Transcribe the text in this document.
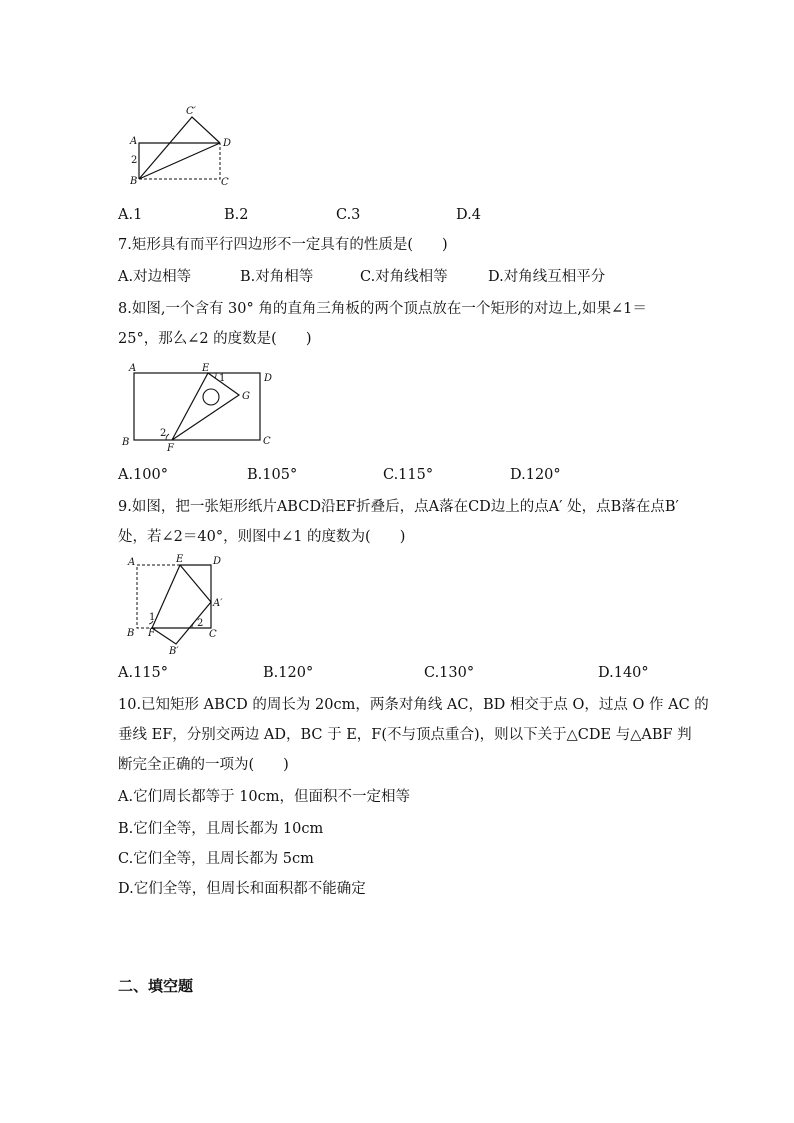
C′
A
2
B
D
C
A.1	B.2	C.3	D.4
7.矩形具有而平行四边形不一定具有的性质是(　　)
A.对边相等	B.对角相等	C.对角线相等	D.对角线互相平分
8.如图,一个含有 30° 角的直角三角板的两个顶点放在一个矩形的对边上,如果∠1＝
25°，那么∠2 的度数是(　　)
A	E
1	D
G
2
B	C
F
A.100°	B.105°	C.115°	D.120°
9.如图，把一张矩形纸片ABCD沿EF折叠后，点A落在CD边上的点A′ 处，点B落在点B′
处，若∠2＝40°，则图中∠1 的度数为(　　)
A	E	D
A′
1
2
B F	C
B′
A.115°	B.120°	C.130°	D.140°
10.已知矩形 ABCD 的周长为 20cm，两条对角线 AC，BD 相交于点 O，过点 O 作 AC 的
垂线 EF，分别交两边 AD，BC 于 E，F(不与顶点重合)，则以下关于△CDE 与△ABF 判
断完全正确的一项为(　　)
A.它们周长都等于 10cm，但面积不一定相等
B.它们全等，且周长都为 10cm
C.它们全等，且周长都为 5cm
D.它们全等，但周长和面积都不能确定
二、填空题
